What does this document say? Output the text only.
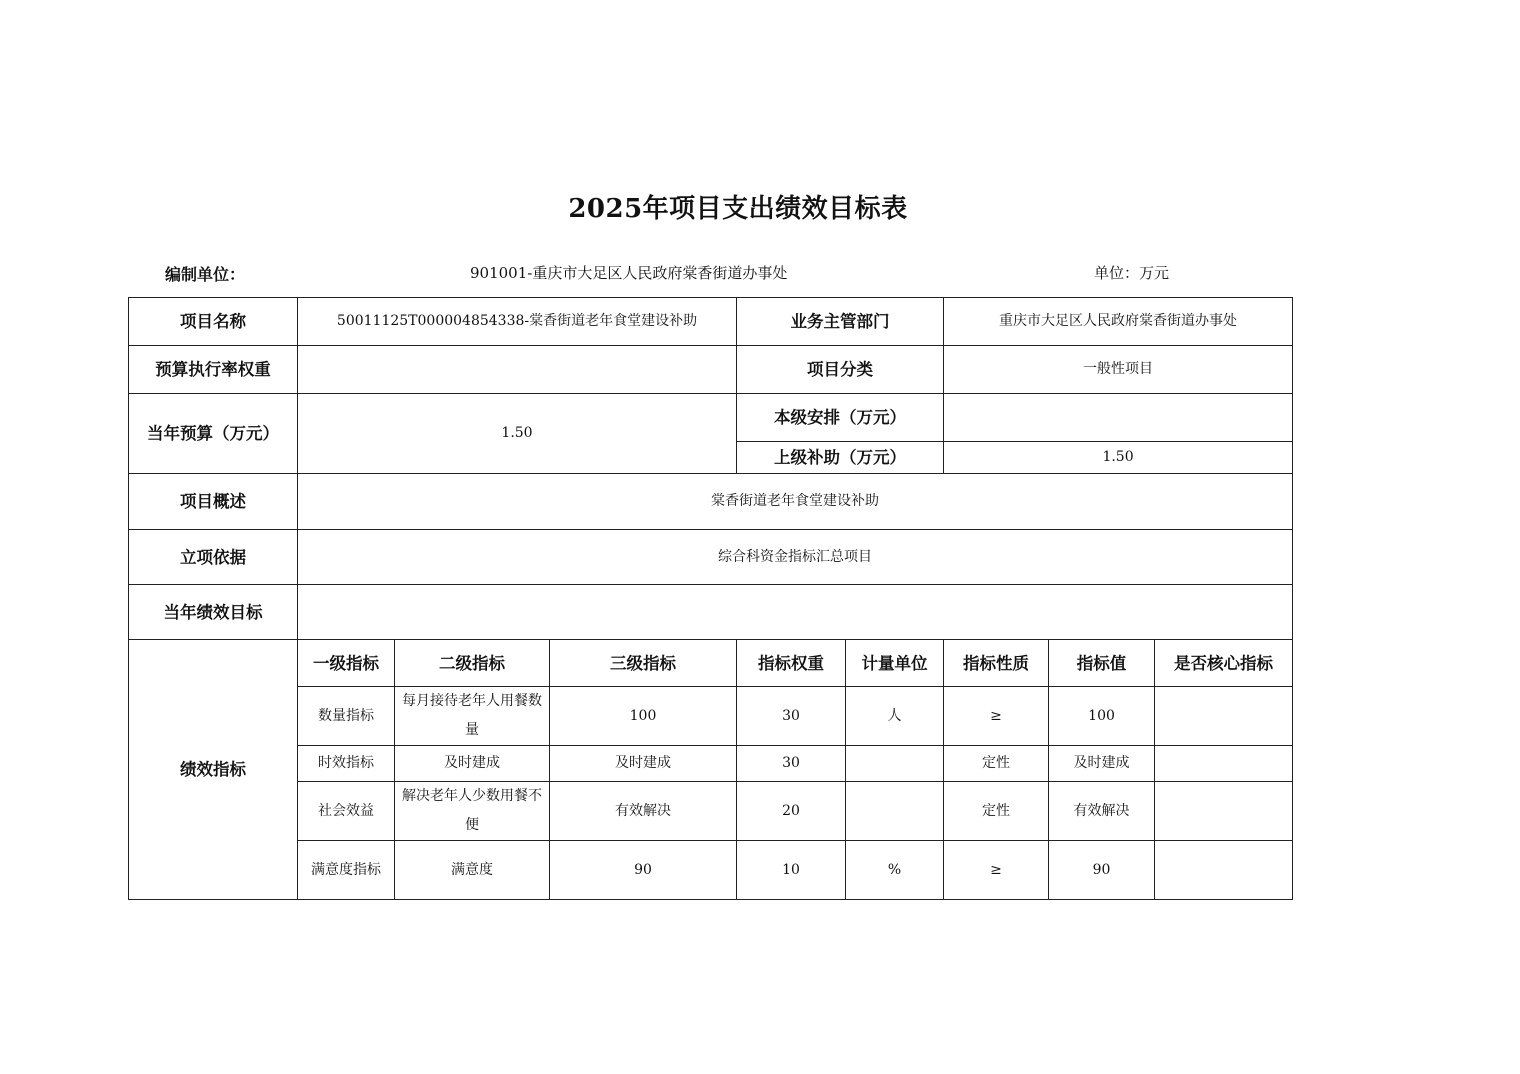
2025年项目支出绩效目标表
编制单位：	901001-重庆市大足区人民政府棠香街道办事处	单位：万元
项目名称	50011125T000004854338-棠香街道老年食堂建设补助			业务主管部门		重庆市大足区人民政府棠香街道办事处		
预算执行率权重				项目分类		一般性项目		
当年预算（万元）	1.50			本级安排（万元）				
				上级补助（万元）		1.50		
项目概述	棠香街道老年食堂建设补助							
立项依据	综合科资金指标汇总项目							
当年绩效目标								
绩效指标	一级指标	二级指标	三级指标	指标权重	计量单位	指标性质	指标值	是否核心指标
	数量指标	每月接待老年人用餐数量	100	30	人	≥	100	
	时效指标	及时建成	及时建成	30		定性	及时建成	
	社会效益	解决老年人少数用餐不便	有效解决	20		定性	有效解决	
	满意度指标	满意度	90	10	%	≥	90	
